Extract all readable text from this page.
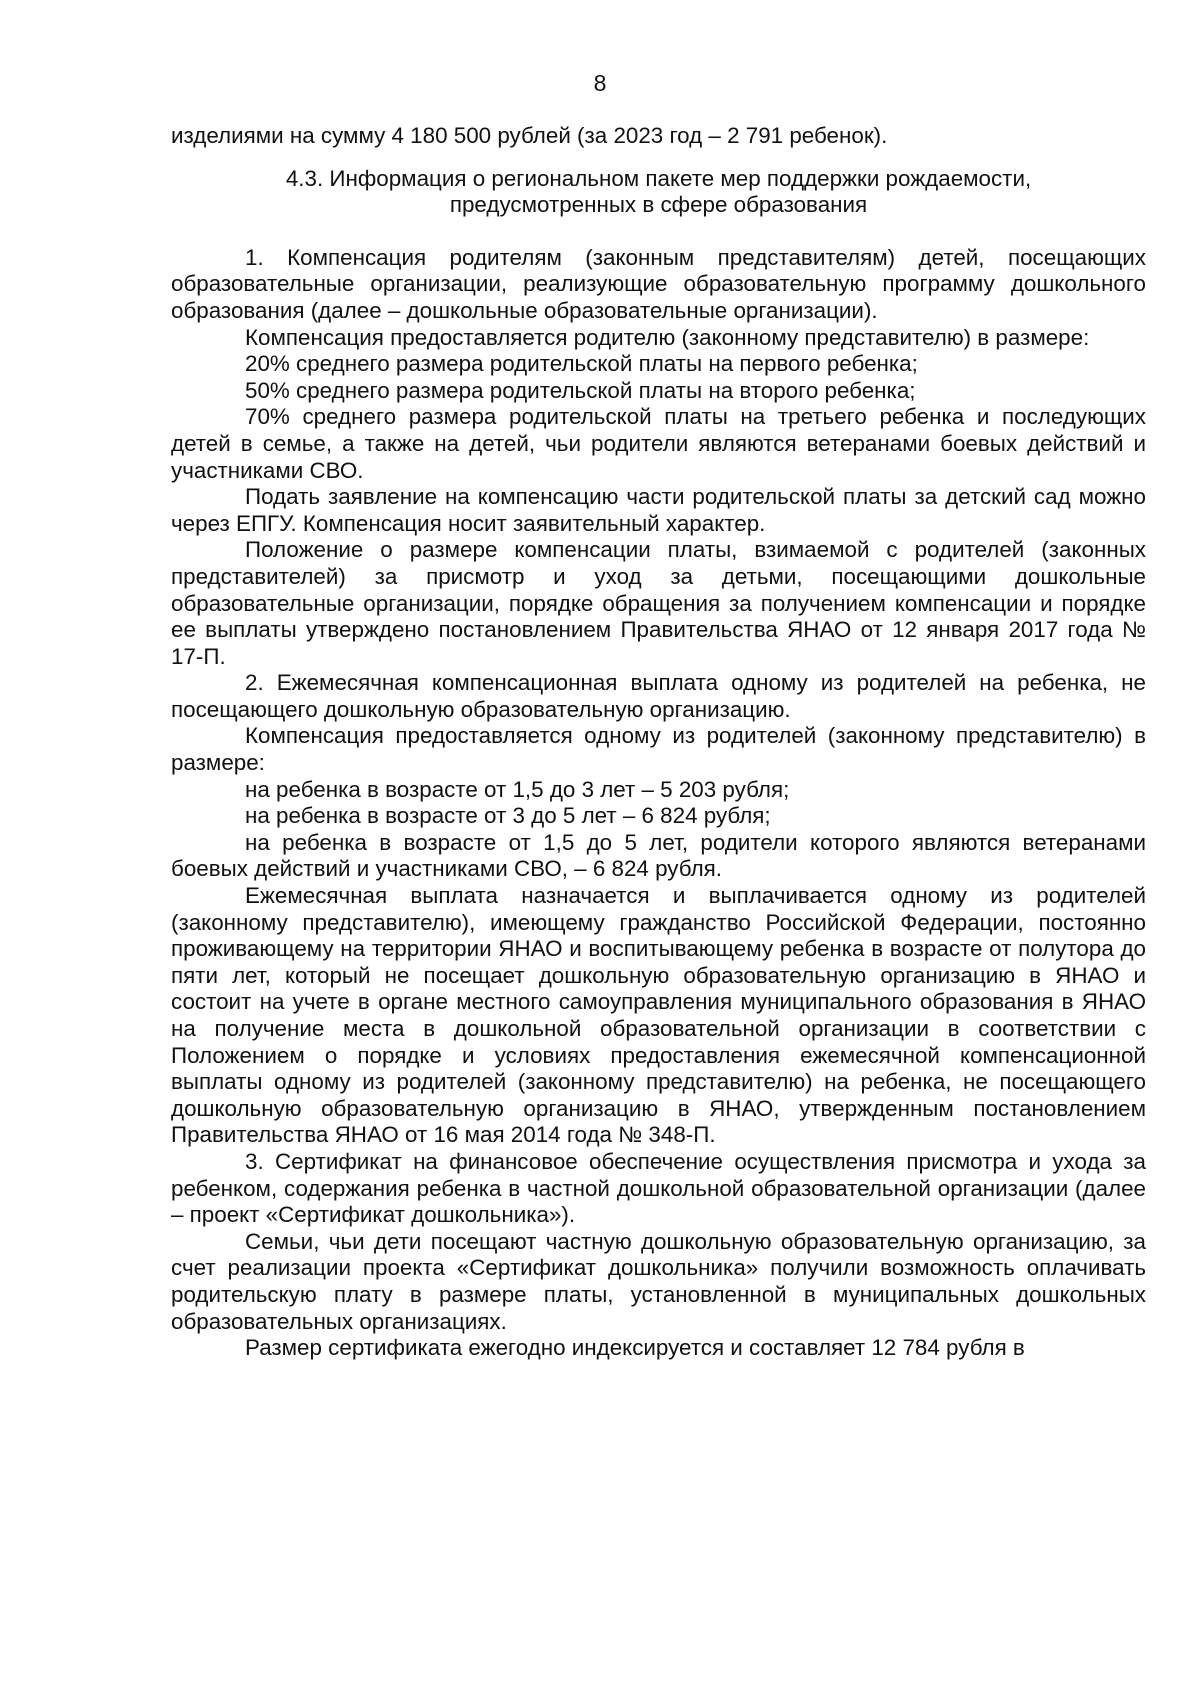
8

изделиями на сумму 4 180 500 рублей (за 2023 год – 2 791 ребенок).

4.3. Информация о региональном пакете мер поддержки рождаемости,
предусмотренных в сфере образования

1. Компенсация родителям (законным представителям) детей, посещающих образовательные организации, реализующие образовательную программу дошкольного образования (далее – дошкольные образовательные организации).

Компенсация предоставляется родителю (законному представителю) в размере:

20% среднего размера родительской платы на первого ребенка;

50% среднего размера родительской платы на второго ребенка;

70% среднего размера родительской платы на третьего ребенка и последующих детей в семье, а также на детей, чьи родители являются ветеранами боевых действий и участниками СВО.

Подать заявление на компенсацию части родительской платы за детский сад можно через ЕПГУ. Компенсация носит заявительный характер.

Положение о размере компенсации платы, взимаемой с родителей (законных представителей) за присмотр и уход за детьми, посещающими дошкольные образовательные организации, порядке обращения за получением компенсации и порядке ее выплаты утверждено постановлением Правительства ЯНАО от 12 января 2017 года № 17-П.

2. Ежемесячная компенсационная выплата одному из родителей на ребенка, не посещающего дошкольную образовательную организацию.

Компенсация предоставляется одному из родителей (законному представителю) в размере:

на ребенка в возрасте от 1,5 до 3 лет – 5 203 рубля;

на ребенка в возрасте от 3 до 5 лет – 6 824 рубля;

на ребенка в возрасте от 1,5 до 5 лет, родители которого являются ветеранами боевых действий и участниками СВО, – 6 824 рубля.

Ежемесячная выплата назначается и выплачивается одному из родителей (законному представителю), имеющему гражданство Российской Федерации, постоянно проживающему на территории ЯНАО и воспитывающему ребенка в возрасте от полутора до пяти лет, который не посещает дошкольную образовательную организацию в ЯНАО и состоит на учете в органе местного самоуправления муниципального образования в ЯНАО на получение места в дошкольной образовательной организации в соответствии с Положением о порядке и условиях предоставления ежемесячной компенсационной выплаты одному из родителей (законному представителю) на ребенка, не посещающего дошкольную образовательную организацию в ЯНАО, утвержденным постановлением Правительства ЯНАО от 16 мая 2014 года № 348-П.

3. Сертификат на финансовое обеспечение осуществления присмотра и ухода за ребенком, содержания ребенка в частной дошкольной образовательной организации (далее – проект «Сертификат дошкольника»).

Семьи, чьи дети посещают частную дошкольную образовательную организацию, за счет реализации проекта «Сертификат дошкольника» получили возможность оплачивать родительскую плату в размере платы, установленной в муниципальных дошкольных образовательных организациях.

Размер сертификата ежегодно индексируется и составляет 12 784 рубля в
